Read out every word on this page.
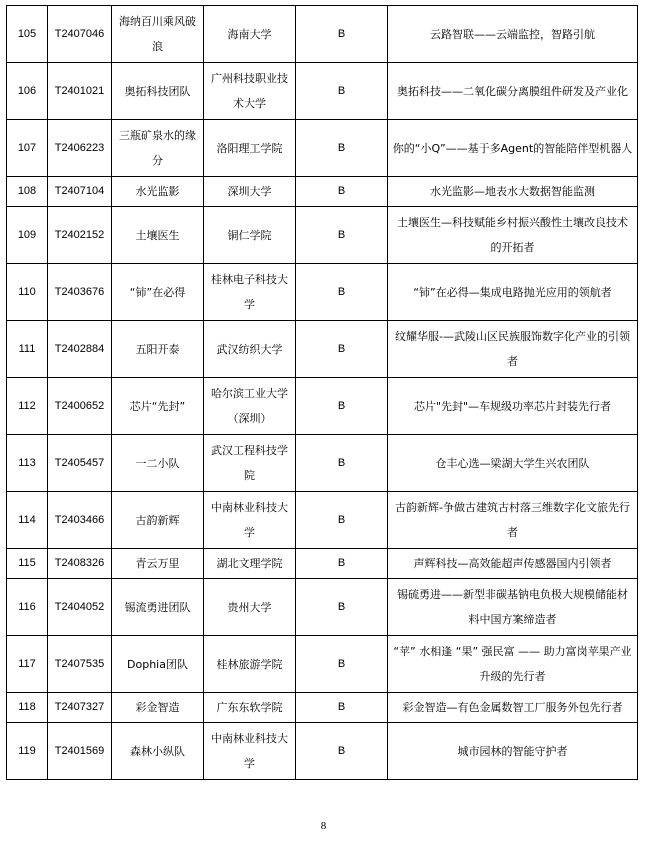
105	T2407046	海纳百川乘风破浪	海南大学	B	云路智联——云端监控，智路引航
106	T2401021	奥拓科技团队	广州科技职业技术大学	B	奥拓科技——二氧化碳分离膜组件研发及产业化
107	T2406223	三瓶矿泉水的缘分	洛阳理工学院	B	你的“小Q”——基于多Agent的智能陪伴型机器人
108	T2407104	水光监影	深圳大学	B	水光监影—地表水大数据智能监测
109	T2402152	土壤医生	铜仁学院	B	土壤医生—科技赋能乡村振兴酸性土壤改良技术的开拓者
110	T2403676	“铈”在必得	桂林电子科技大学	B	“铈”在必得—集成电路抛光应用的领航者
111	T2402884	五阳开泰	武汉纺织大学	B	纹耀华服-—武陵山区民族服饰数字化产业的引领者
112	T2400652	芯片“先封”	哈尔滨工业大学（深圳）	B	芯片"先封"—车规级功率芯片封装先行者
113	T2405457	一二小队	武汉工程科技学院	B	仓丰心选—梁湖大学生兴农团队
114	T2403466	古韵新辉	中南林业科技大学	B	古韵新辉-争做古建筑古村落三维数字化文旅先行者
115	T2408326	青云万里	湖北文理学院	B	声辉科技—高效能超声传感器国内引领者
116	T2404052	锡流勇进团队	贵州大学	B	锡硫勇进——新型非碳基钠电负极大规模储能材料中国方案缔造者
117	T2407535	Dophia团队	桂林旅游学院	B	“苹” 水相逢 “果” 强民富 —— 助力富岗苹果产业升级的先行者
118	T2407327	彩金智造	广东东软学院	B	彩金智造—有色金属数智工厂服务外包先行者
119	T2401569	森林小纵队	中南林业科技大学	B	城市园林的智能守护者
8
